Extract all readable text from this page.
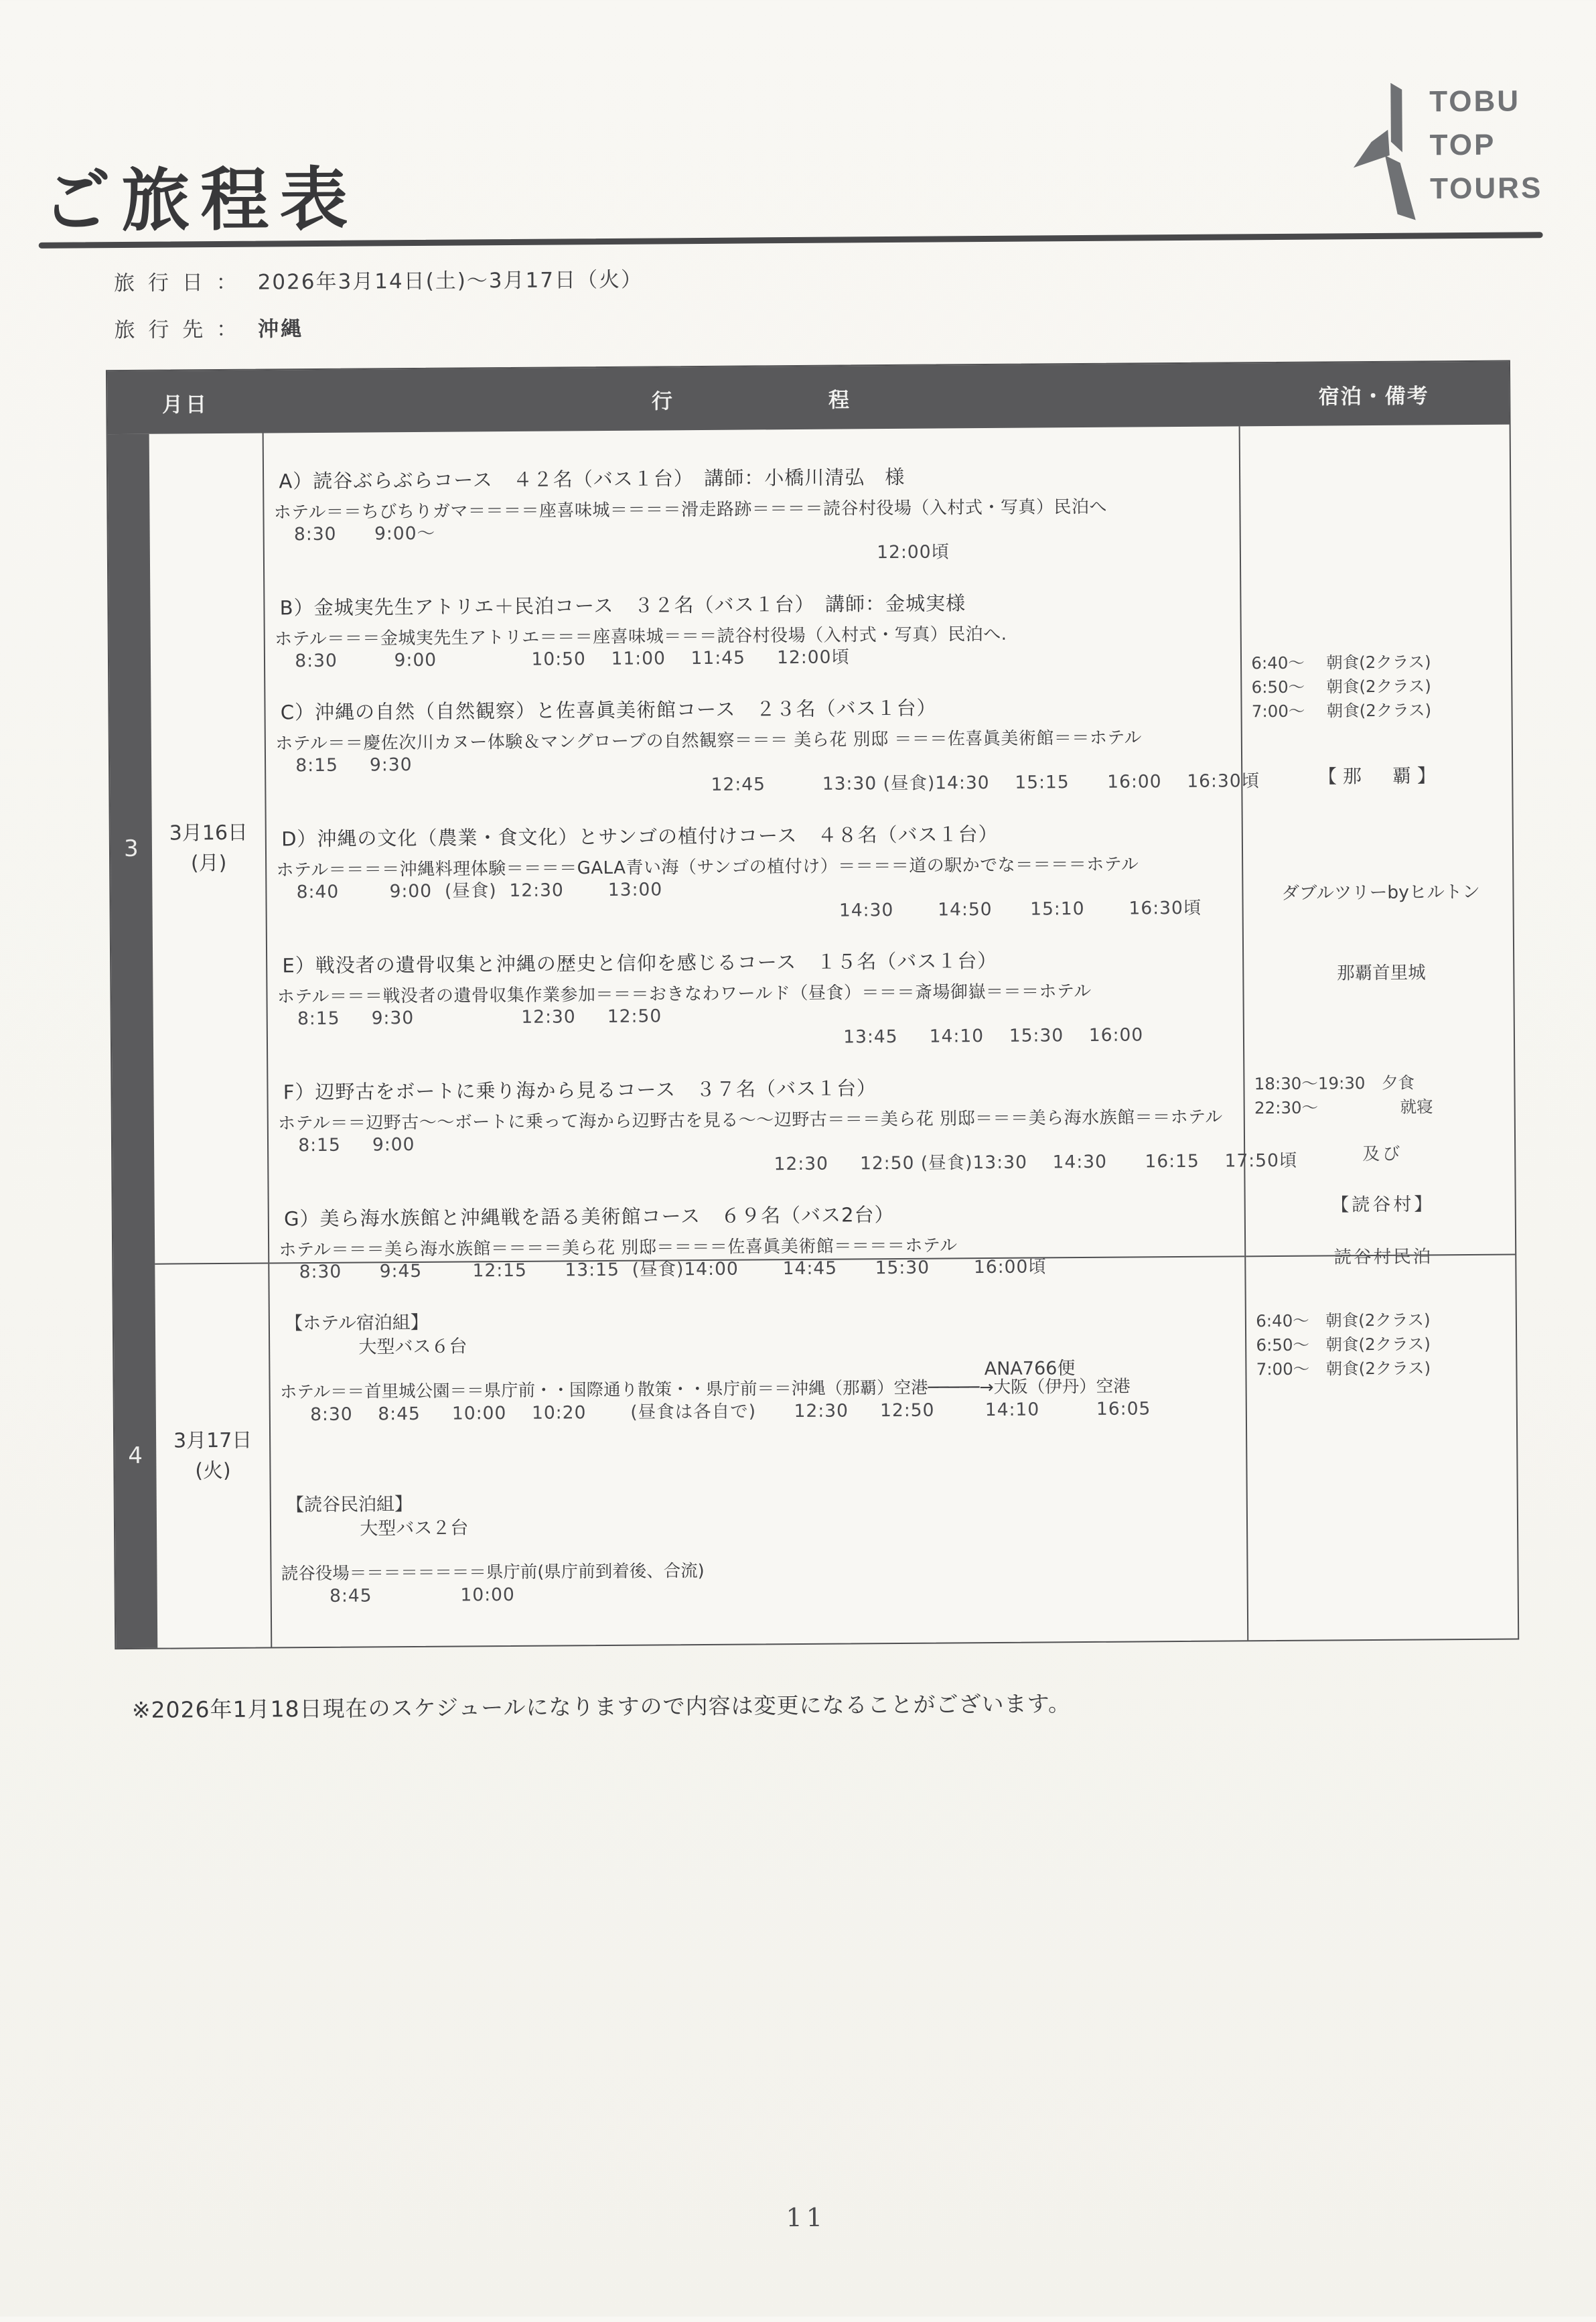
ご旅程表
TOBU
TOP
TOURS
旅 行 日 ： 2026年3月14日(土)～3月17日（火）
旅 行 先 ： 沖縄
月日	行　　　　　　　程	宿泊・備考
3
4
3月16日
(月)
3月17日
(火)
A）読谷ぶらぶらコース　４２名（バス１台）　講師：小橋川清弘　様
ホテル＝＝ちびちりガマ＝＝＝＝座喜味城＝＝＝＝滑走路跡＝＝＝＝読谷村役場（入村式・写真）民泊へ
8:30      9:00～
12:00頃
B）金城実先生アトリエ＋民泊コース　３２名（バス１台）　講師：金城実様
ホテル＝＝＝金城実先生アトリエ＝＝＝座喜味城＝＝＝読谷村役場（入村式・写真）民泊へ.
8:30         9:00               10:50    11:00    11:45     12:00頃
C）沖縄の自然（自然観察）と佐喜眞美術館コース　２３名（バス１台）
ホテル＝＝慶佐次川カヌー体験＆マングローブの自然観察＝＝＝ 美ら花 別邸 ＝＝＝佐喜眞美術館＝＝ホテル
8:15     9:30
12:45         13:30 (昼食)14:30    15:15      16:00    16:30頃
D）沖縄の文化（農業・食文化）とサンゴの植付けコース　４８名（バス１台）
ホテル＝＝＝＝沖縄料理体験＝＝＝＝GALA青い海（サンゴの植付け）＝＝＝＝道の駅かでな＝＝＝＝ホテル
8:40        9:00  (昼食)  12:30       13:00
14:30       14:50      15:10       16:30頃
E）戦没者の遺骨収集と沖縄の歴史と信仰を感じるコース　１５名（バス１台）
ホテル＝＝＝戦没者の遺骨収集作業参加＝＝＝おきなわワールド（昼食）＝＝＝斎場御嶽＝＝＝ホテル
8:15     9:30                 12:30     12:50
13:45     14:10    15:30    16:00
F）辺野古をボートに乗り海から見るコース　３７名（バス１台）
ホテル＝＝辺野古～～ボートに乗って海から辺野古を見る～～辺野古＝＝＝美ら花 別邸＝＝＝美ら海水族館＝＝ホテル
8:15     9:00
12:30     12:50 (昼食)13:30    14:30      16:15    17:50頃
G）美ら海水族館と沖縄戦を語る美術館コース　６９名（バス2台）
ホテル＝＝＝美ら海水族館＝＝＝＝美ら花 別邸＝＝＝＝佐喜眞美術館＝＝＝＝ホテル
8:30      9:45        12:15      13:15  (昼食)14:00       14:45      15:30       16:00頃
【ホテル宿泊組】
大型バス６台
ANA766便
ホテル＝＝首里城公園＝＝県庁前・・国際通り散策・・県庁前＝＝沖縄（那覇）空港─────→大阪（伊丹）空港
8:30    8:45     10:00    10:20       (昼食は各自で)      12:30     12:50        14:10         16:05
【読谷民泊組】
大型バス２台
読谷役場＝＝＝＝＝＝＝＝県庁前(県庁前到着後、合流)
8:45              10:00
6:40～　 朝食(2クラス)
6:50～　 朝食(2クラス)
7:00～　 朝食(2クラス)
【那　覇】

ダブルツリーbyヒルトン

那覇首里城

18:30～19:30　夕食
22:30～　　　　　就寝
及び
【読谷村】
読谷村民泊
6:40～　朝食(2クラス)
6:50～　朝食(2クラス)
7:00～　朝食(2クラス)
※2026年1月18日現在のスケジュールになりますので内容は変更になることがございます。
11
